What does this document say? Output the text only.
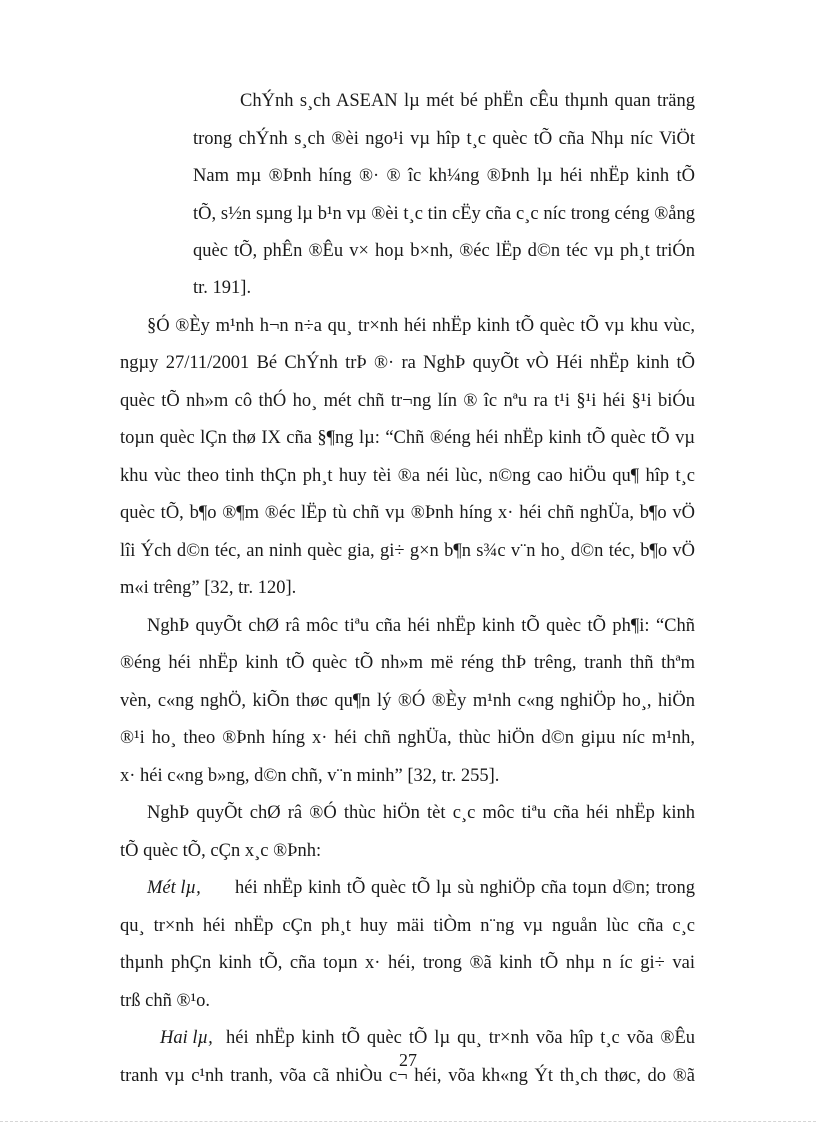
ChÝnh s¸ch ASEAN lµ mét bé phËn cÊu thµnh quan träng
trong chÝnh s¸ch ®èi ngo¹i vµ hîp t¸c quèc tÕ cña Nhµ níc ViÖt
Nam mµ ®Þnh híng ®· ® îc kh¼ng ®Þnh lµ héi nhËp kinh tÕ
tÕ, s½n sµng lµ b¹n vµ ®èi t¸c tin cËy cña c¸c níc trong céng ®ång
quèc tÕ, phÊn ®Êu v× hoµ b×nh, ®éc lËp d©n téc vµ ph¸t triÓn
tr. 191].
§Ó ®Èy m¹nh h¬n n÷a qu¸ tr×nh héi nhËp kinh tÕ quèc tÕ vµ khu vùc,
ngµy 27/11/2001 Bé ChÝnh trÞ ®· ra NghÞ quyÕt vÒ Héi nhËp kinh tÕ
quèc tÕ nh»m cô thÓ ho¸ mét chñ tr¬ng lín ® îc nªu ra t¹i §¹i héi §¹i biÓu
toµn quèc lÇn thø IX cña §¶ng lµ: “Chñ ®éng héi nhËp kinh tÕ quèc tÕ vµ
khu vùc theo tinh thÇn ph¸t huy tèi ®a néi lùc, n©ng cao hiÖu qu¶ hîp t¸c
quèc tÕ, b¶o ®¶m ®éc lËp tù chñ vµ ®Þnh híng x· héi chñ nghÜa, b¶o vÖ
lîi Ých d©n téc, an ninh quèc gia, gi÷ g×n b¶n s¾c v¨n ho¸ d©n téc, b¶o vÖ
m«i trêng” [32, tr. 120].
NghÞ quyÕt chØ râ môc tiªu cña héi nhËp kinh tÕ quèc tÕ ph¶i: “Chñ
®éng héi nhËp kinh tÕ quèc tÕ nh»m më réng thÞ trêng, tranh thñ thªm
vèn, c«ng nghÖ, kiÕn thøc qu¶n lý ®Ó ®Èy m¹nh c«ng nghiÖp ho¸, hiÖn
®¹i ho¸ theo ®Þnh híng x· héi chñ nghÜa, thùc hiÖn d©n giµu níc m¹nh,
x· héi c«ng b»ng, d©n chñ, v¨n minh” [32, tr. 255].
NghÞ quyÕt chØ râ ®Ó thùc hiÖn tèt c¸c môc tiªu cña héi nhËp kinh
tÕ quèc tÕ, cÇn x¸c ®Þnh:
Mét lµ, héi nhËp kinh tÕ quèc tÕ lµ sù nghiÖp cña toµn d©n; trong
qu¸ tr×nh héi nhËp cÇn ph¸t huy mäi tiÒm n¨ng vµ nguån lùc cña c¸c
thµnh phÇn kinh tÕ, cña toµn x· héi, trong ®ã kinh tÕ nhµ n íc gi÷ vai
trß chñ ®¹o.
Hai lµ, héi nhËp kinh tÕ quèc tÕ lµ qu¸ tr×nh võa hîp t¸c võa ®Êu
tranh vµ c¹nh tranh, võa cã nhiÒu c¬ héi, võa kh«ng Ýt th¸ch thøc, do ®ã
27
